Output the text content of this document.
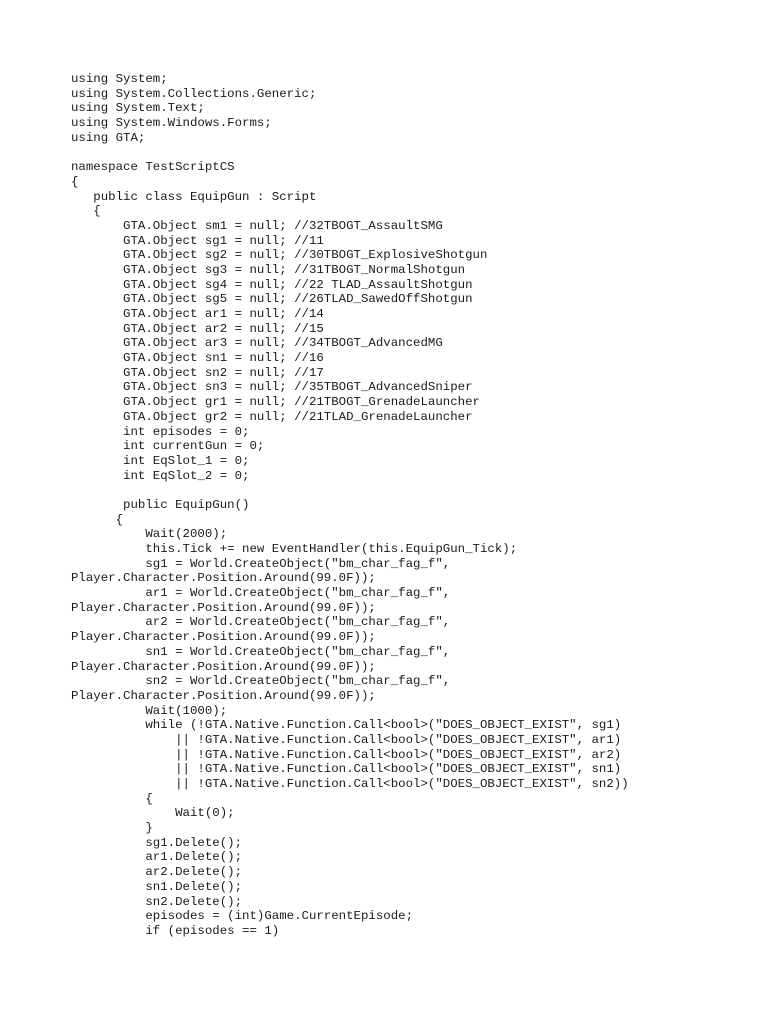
using System;
using System.Collections.Generic;
using System.Text;
using System.Windows.Forms;
using GTA;
namespace TestScriptCS
{
public class EquipGun : Script
{
GTA.Object sm1 = null; //32TBOGT_AssaultSMG
GTA.Object sg1 = null; //11
GTA.Object sg2 = null; //30TBOGT_ExplosiveShotgun
GTA.Object sg3 = null; //31TBOGT_NormalShotgun
GTA.Object sg4 = null; //22 TLAD_AssaultShotgun
GTA.Object sg5 = null; //26TLAD_SawedOffShotgun
GTA.Object ar1 = null; //14
GTA.Object ar2 = null; //15
GTA.Object ar3 = null; //34TBOGT_AdvancedMG
GTA.Object sn1 = null; //16
GTA.Object sn2 = null; //17
GTA.Object sn3 = null; //35TBOGT_AdvancedSniper
GTA.Object gr1 = null; //21TBOGT_GrenadeLauncher
GTA.Object gr2 = null; //21TLAD_GrenadeLauncher
int episodes = 0;
int currentGun = 0;
int EqSlot_1 = 0;
int EqSlot_2 = 0;
public EquipGun()
{
Wait(2000);
this.Tick += new EventHandler(this.EquipGun_Tick);
sg1 = World.CreateObject("bm_char_fag_f",
Player.Character.Position.Around(99.0F));
ar1 = World.CreateObject("bm_char_fag_f",
Player.Character.Position.Around(99.0F));
ar2 = World.CreateObject("bm_char_fag_f",
Player.Character.Position.Around(99.0F));
sn1 = World.CreateObject("bm_char_fag_f",
Player.Character.Position.Around(99.0F));
sn2 = World.CreateObject("bm_char_fag_f",
Player.Character.Position.Around(99.0F));
Wait(1000);
while (!GTA.Native.Function.Call<bool>("DOES_OBJECT_EXIST", sg1)
|| !GTA.Native.Function.Call<bool>("DOES_OBJECT_EXIST", ar1)
|| !GTA.Native.Function.Call<bool>("DOES_OBJECT_EXIST", ar2)
|| !GTA.Native.Function.Call<bool>("DOES_OBJECT_EXIST", sn1)
|| !GTA.Native.Function.Call<bool>("DOES_OBJECT_EXIST", sn2))
{
Wait(0);
}
sg1.Delete();
ar1.Delete();
ar2.Delete();
sn1.Delete();
sn2.Delete();
episodes = (int)Game.CurrentEpisode;
if (episodes == 1)
